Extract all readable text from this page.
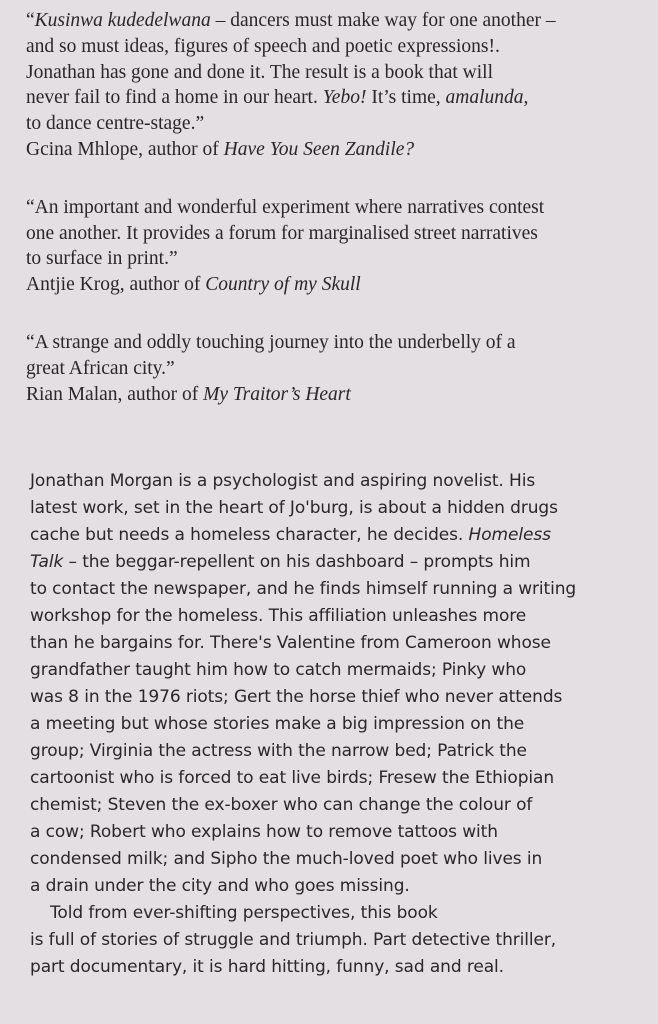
“Kusinwa kudedelwana – dancers must make way for one another –
and so must ideas, figures of speech and poetic expressions!.
Jonathan has gone and done it. The result is a book that will
never fail to find a home in our heart. Yebo! It’s time, amalunda,
to dance centre-stage.”
Gcina Mhlope, author of Have You Seen Zandile?

“An important and wonderful experiment where narratives contest
one another. It provides a forum for marginalised street narratives
to surface in print.”
Antjie Krog, author of Country of my Skull

“A strange and oddly touching journey into the underbelly of a
great African city.”
Rian Malan, author of My Traitor’s Heart

Jonathan Morgan is a psychologist and aspiring novelist. His
latest work, set in the heart of Jo'burg, is about a hidden drugs
cache but needs a homeless character, he decides. Homeless
Talk – the beggar-repellent on his dashboard – prompts him
to contact the newspaper, and he finds himself running a writing
workshop for the homeless. This affiliation unleashes more
than he bargains for. There's Valentine from Cameroon whose
grandfather taught him how to catch mermaids; Pinky who
was 8 in the 1976 riots; Gert the horse thief who never attends
a meeting but whose stories make a big impression on the
group; Virginia the actress with the narrow bed; Patrick the
cartoonist who is forced to eat live birds; Fresew the Ethiopian
chemist; Steven the ex-boxer who can change the colour of
a cow; Robert who explains how to remove tattoos with
condensed milk; and Sipho the much-loved poet who lives in
a drain under the city and who goes missing.
Told from ever-shifting perspectives, this book
is full of stories of struggle and triumph. Part detective thriller,
part documentary, it is hard hitting, funny, sad and real.
